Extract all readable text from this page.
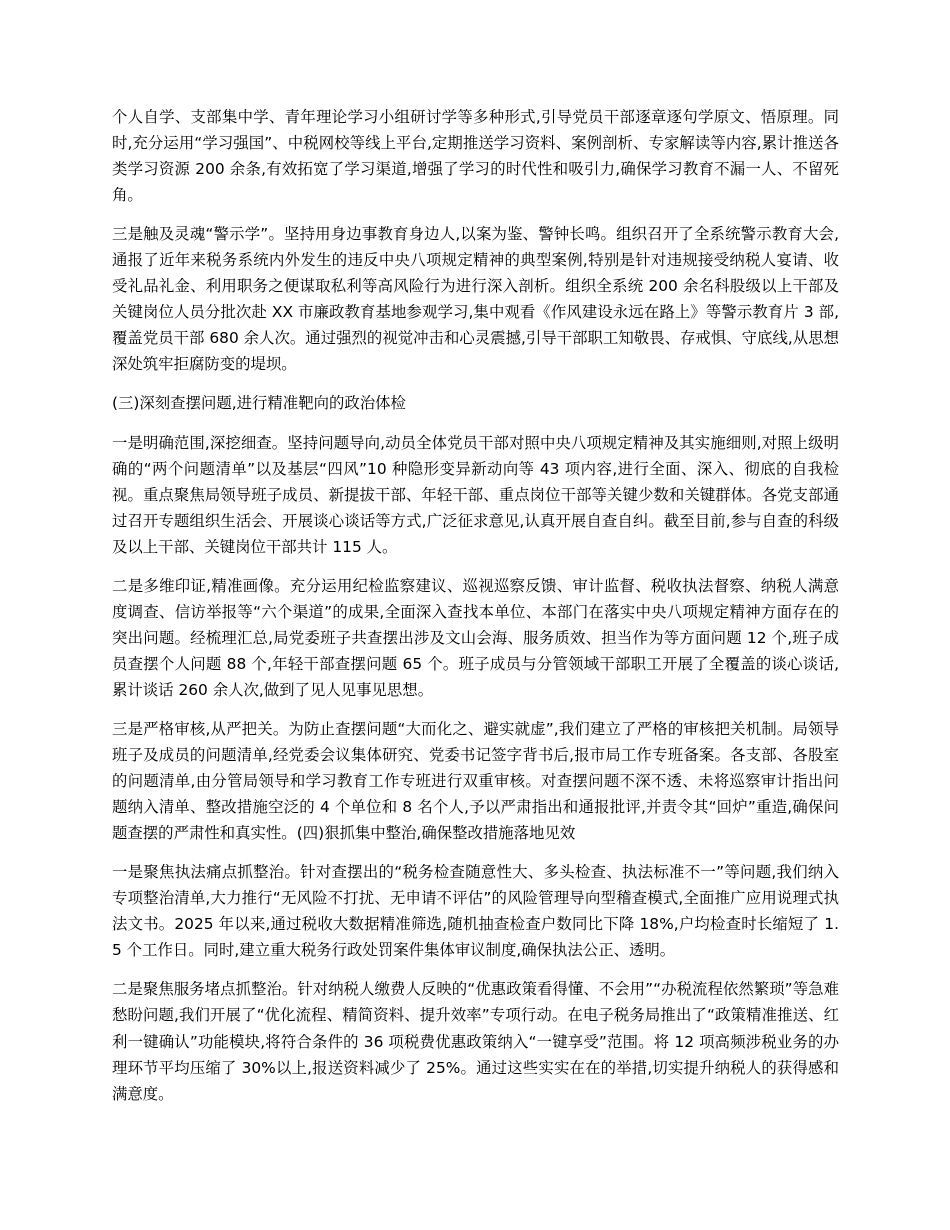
个人自学、支部集中学、青年理论学习小组研讨学等多种形式,引导党员干部逐章逐句学原文、悟原理。同时,充分运用“学习强国”、中税网校等线上平台,定期推送学习资料、案例剖析、专家解读等内容,累计推送各类学习资源 200 余条,有效拓宽了学习渠道,增强了学习的时代性和吸引力,确保学习教育不漏一人、不留死角。

三是触及灵魂“警示学”。坚持用身边事教育身边人,以案为鉴、警钟长鸣。组织召开了全系统警示教育大会,通报了近年来税务系统内外发生的违反中央八项规定精神的典型案例,特别是针对违规接受纳税人宴请、收受礼品礼金、利用职务之便谋取私利等高风险行为进行深入剖析。组织全系统 200 余名科股级以上干部及关键岗位人员分批次赴 XX 市廉政教育基地参观学习,集中观看《作风建设永远在路上》等警示教育片 3 部,覆盖党员干部 680 余人次。通过强烈的视觉冲击和心灵震撼,引导干部职工知敬畏、存戒惧、守底线,从思想深处筑牢拒腐防变的堤坝。

(三)深刻查摆问题,进行精准靶向的政治体检

一是明确范围,深挖细查。坚持问题导向,动员全体党员干部对照中央八项规定精神及其实施细则,对照上级明确的“两个问题清单”以及基层“四风”10 种隐形变异新动向等 43 项内容,进行全面、深入、彻底的自我检视。重点聚焦局领导班子成员、新提拔干部、年轻干部、重点岗位干部等关键少数和关键群体。各党支部通过召开专题组织生活会、开展谈心谈话等方式,广泛征求意见,认真开展自查自纠。截至目前,参与自查的科级及以上干部、关键岗位干部共计 115 人。

二是多维印证,精准画像。充分运用纪检监察建议、巡视巡察反馈、审计监督、税收执法督察、纳税人满意度调查、信访举报等“六个渠道”的成果,全面深入查找本单位、本部门在落实中央八项规定精神方面存在的突出问题。经梳理汇总,局党委班子共查摆出涉及文山会海、服务质效、担当作为等方面问题 12 个,班子成员查摆个人问题 88 个,年轻干部查摆问题 65 个。班子成员与分管领域干部职工开展了全覆盖的谈心谈话,累计谈话 260 余人次,做到了见人见事见思想。

三是严格审核,从严把关。为防止查摆问题“大而化之、避实就虚”,我们建立了严格的审核把关机制。局领导班子及成员的问题清单,经党委会议集体研究、党委书记签字背书后,报市局工作专班备案。各支部、各股室的问题清单,由分管局领导和学习教育工作专班进行双重审核。对查摆问题不深不透、未将巡察审计指出问题纳入清单、整改措施空泛的 4 个单位和 8 名个人,予以严肃指出和通报批评,并责令其“回炉”重造,确保问题查摆的严肃性和真实性。(四)狠抓集中整治,确保整改措施落地见效

一是聚焦执法痛点抓整治。针对查摆出的“税务检查随意性大、多头检查、执法标准不一”等问题,我们纳入专项整治清单,大力推行“无风险不打扰、无申请不评估”的风险管理导向型稽查模式,全面推广应用说理式执法文书。2025 年以来,通过税收大数据精准筛选,随机抽查检查户数同比下降 18%,户均检查时长缩短了 1.5 个工作日。同时,建立重大税务行政处罚案件集体审议制度,确保执法公正、透明。

二是聚焦服务堵点抓整治。针对纳税人缴费人反映的“优惠政策看得懂、不会用”“办税流程依然繁琐”等急难愁盼问题,我们开展了“优化流程、精简资料、提升效率”专项行动。在电子税务局推出了“政策精准推送、红利一键确认”功能模块,将符合条件的 36 项税费优惠政策纳入“一键享受”范围。将 12 项高频涉税业务的办理环节平均压缩了 30%以上,报送资料减少了 25%。通过这些实实在在的举措,切实提升纳税人的获得感和满意度。
